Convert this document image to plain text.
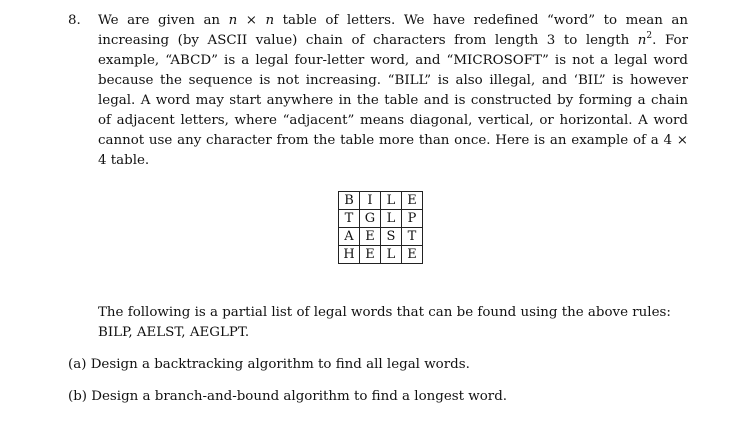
8. We are given an n × n table of letters. We have redefined “word” to mean an increasing (by ASCII value) chain of characters from length 3 to length $n^2$. For example, “ABCD” is a legal four-letter word, and “MICROSOFT” is not a legal word because the sequence is not increasing. “BILL” is also illegal, and ‘BIL” is however legal. A word may start anywhere in the table and is constructed by forming a chain of adjacent letters, where “adjacent” means diagonal, vertical, or horizontal. A word cannot use any character from the table more than once. Here is an example of a 4 × 4 table.
B	I	L	E
T	G	L	P
A	E	S	T
H	E	L	E
The following is a partial list of legal words that can be found using the above rules: BILP, AELST, AEGLPT.
(a) Design a backtracking algorithm to find all legal words.
(b) Design a branch-and-bound algorithm to find a longest word.
